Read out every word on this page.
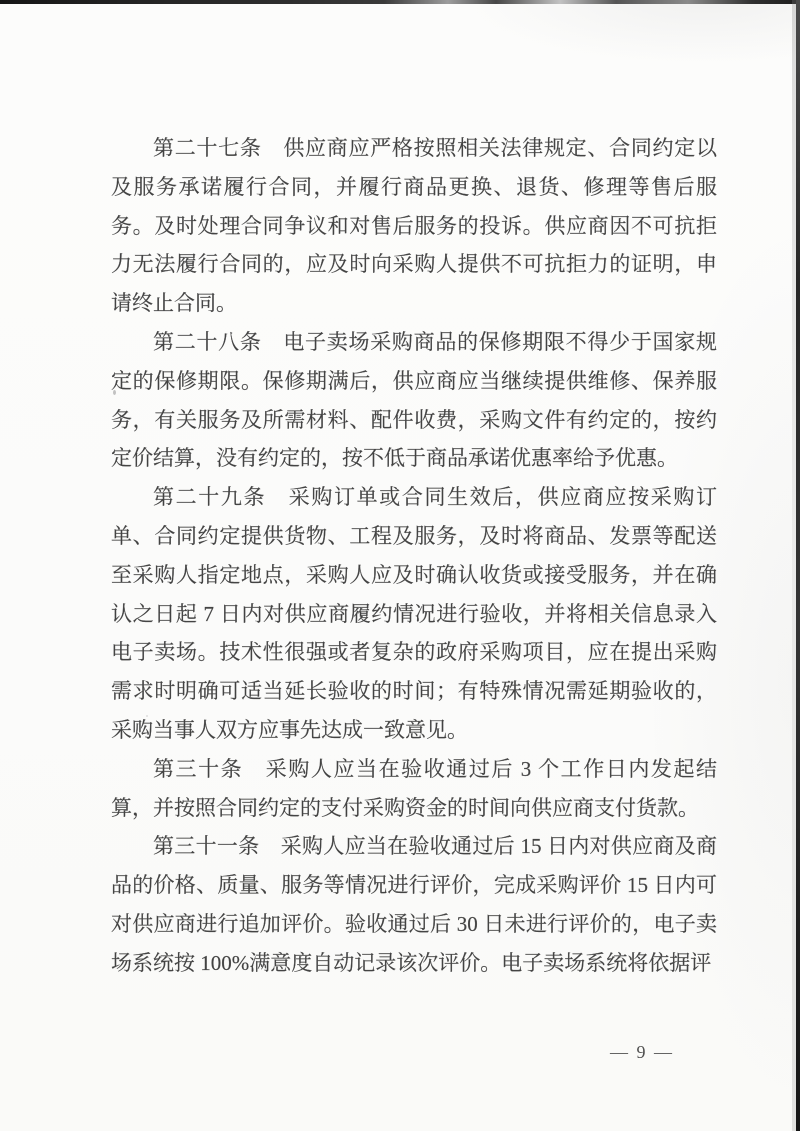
第二十七条　供应商应严格按照相关法律规定、合同约定以及服务承诺履行合同，并履行商品更换、退货、修理等售后服务。及时处理合同争议和对售后服务的投诉。供应商因不可抗拒力无法履行合同的，应及时向采购人提供不可抗拒力的证明，申请终止合同。

第二十八条　电子卖场采购商品的保修期限不得少于国家规定的保修期限。保修期满后，供应商应当继续提供维修、保养服务，有关服务及所需材料、配件收费，采购文件有约定的，按约定价结算，没有约定的，按不低于商品承诺优惠率给予优惠。

第二十九条　采购订单或合同生效后，供应商应按采购订单、合同约定提供货物、工程及服务，及时将商品、发票等配送至采购人指定地点，采购人应及时确认收货或接受服务，并在确认之日起 7 日内对供应商履约情况进行验收，并将相关信息录入电子卖场。技术性很强或者复杂的政府采购项目，应在提出采购需求时明确可适当延长验收的时间；有特殊情况需延期验收的，采购当事人双方应事先达成一致意见。

第三十条　采购人应当在验收通过后 3 个工作日内发起结算，并按照合同约定的支付采购资金的时间向供应商支付货款。

第三十一条　采购人应当在验收通过后 15 日内对供应商及商品的价格、质量、服务等情况进行评价，完成采购评价 15 日内可对供应商进行追加评价。验收通过后 30 日未进行评价的，电子卖场系统按 100%满意度自动记录该次评价。电子卖场系统将依据评

— 9 —
